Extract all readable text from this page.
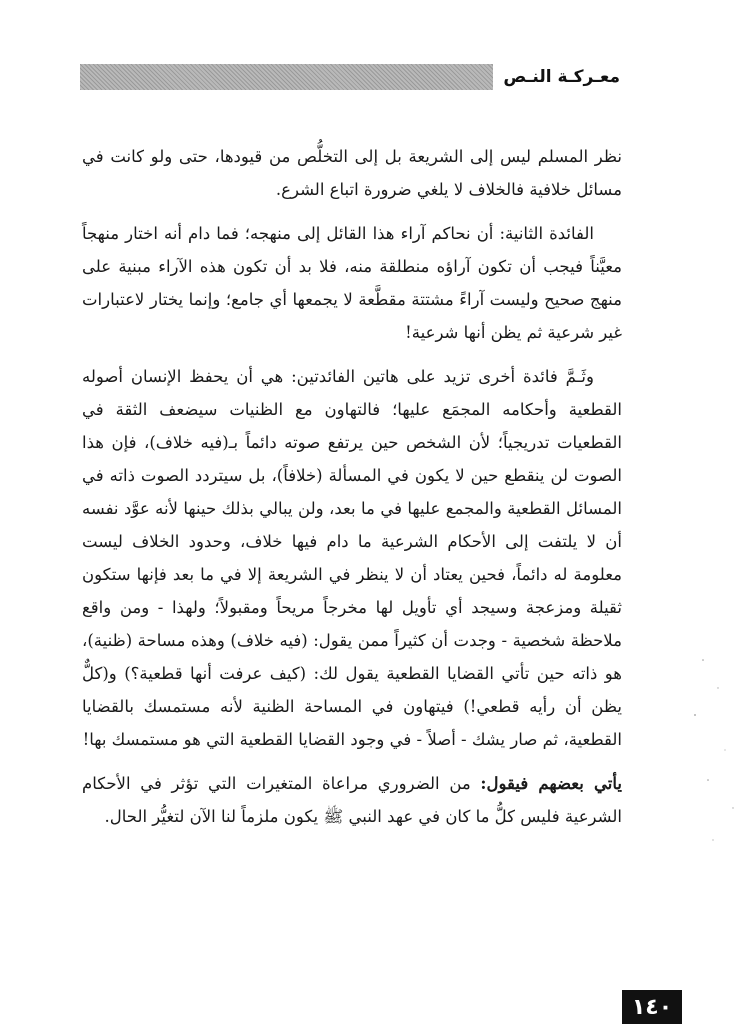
معـركـة النـص

نظر المسلم ليس إلى الشريعة بل إلى التخلُّص من قيودها، حتى ولو كانت في مسائل خلافية فالخلاف لا يلغي ضرورة اتباع الشرع.

الفائدة الثانية: أن نحاكم آراء هذا القائل إلى منهجه؛ فما دام أنه اختار منهجاً معيَّناً فيجب أن تكون آراؤه منطلقة منه، فلا بد أن تكون هذه الآراء مبنية على منهج صحيح وليست آراءً مشتتة مقطَّعة لا يجمعها أي جامع؛ وإنما يختار لاعتبارات غير شرعية ثم يظن أنها شرعية!

وثَـمَّ فائدة أخرى تزيد على هاتين الفائدتين: هي أن يحفظ الإنسان أصوله القطعية وأحكامه المجمَع عليها؛ فالتهاون مع الظنيات سيضعف الثقة في القطعيات تدريجياً؛ لأن الشخص حين يرتفع صوته دائماً بـ(فيه خلاف)، فإن هذا الصوت لن ينقطع حين لا يكون في المسألة (خلافاً)، بل سيتردد الصوت ذاته في المسائل القطعية والمجمع عليها في ما بعد، ولن يبالي بذلك حينها لأنه عوَّد نفسه أن لا يلتفت إلى الأحكام الشرعية ما دام فيها خلاف، وحدود الخلاف ليست معلومة له دائماً، فحين يعتاد أن لا ينظر في الشريعة إلا في ما بعد فإنها ستكون ثقيلة ومزعجة وسيجد أي تأويل لها مخرجاً مريحاً ومقبولاً؛ ولهذا - ومن واقع ملاحظة شخصية - وجدت أن كثيراً ممن يقول: (فيه خلاف) وهذه مساحة (ظنية)، هو ذاته حين تأتي القضايا القطعية يقول لك: (كيف عرفت أنها قطعية؟) و(كلٌّ يظن أن رأيه قطعي!) فيتهاون في المساحة الظنية لأنه مستمسك بالقضايا القطعية، ثم صار يشك - أصلاً - في وجود القضايا القطعية التي هو مستمسك بها!

يأتي بعضهم فيقول: من الضروري مراعاة المتغيرات التي تؤثر في الأحكام الشرعية فليس كلُّ ما كان في عهد النبي ﷺ يكون ملزماً لنا الآن لتغيُّر الحال.

١٤٠
